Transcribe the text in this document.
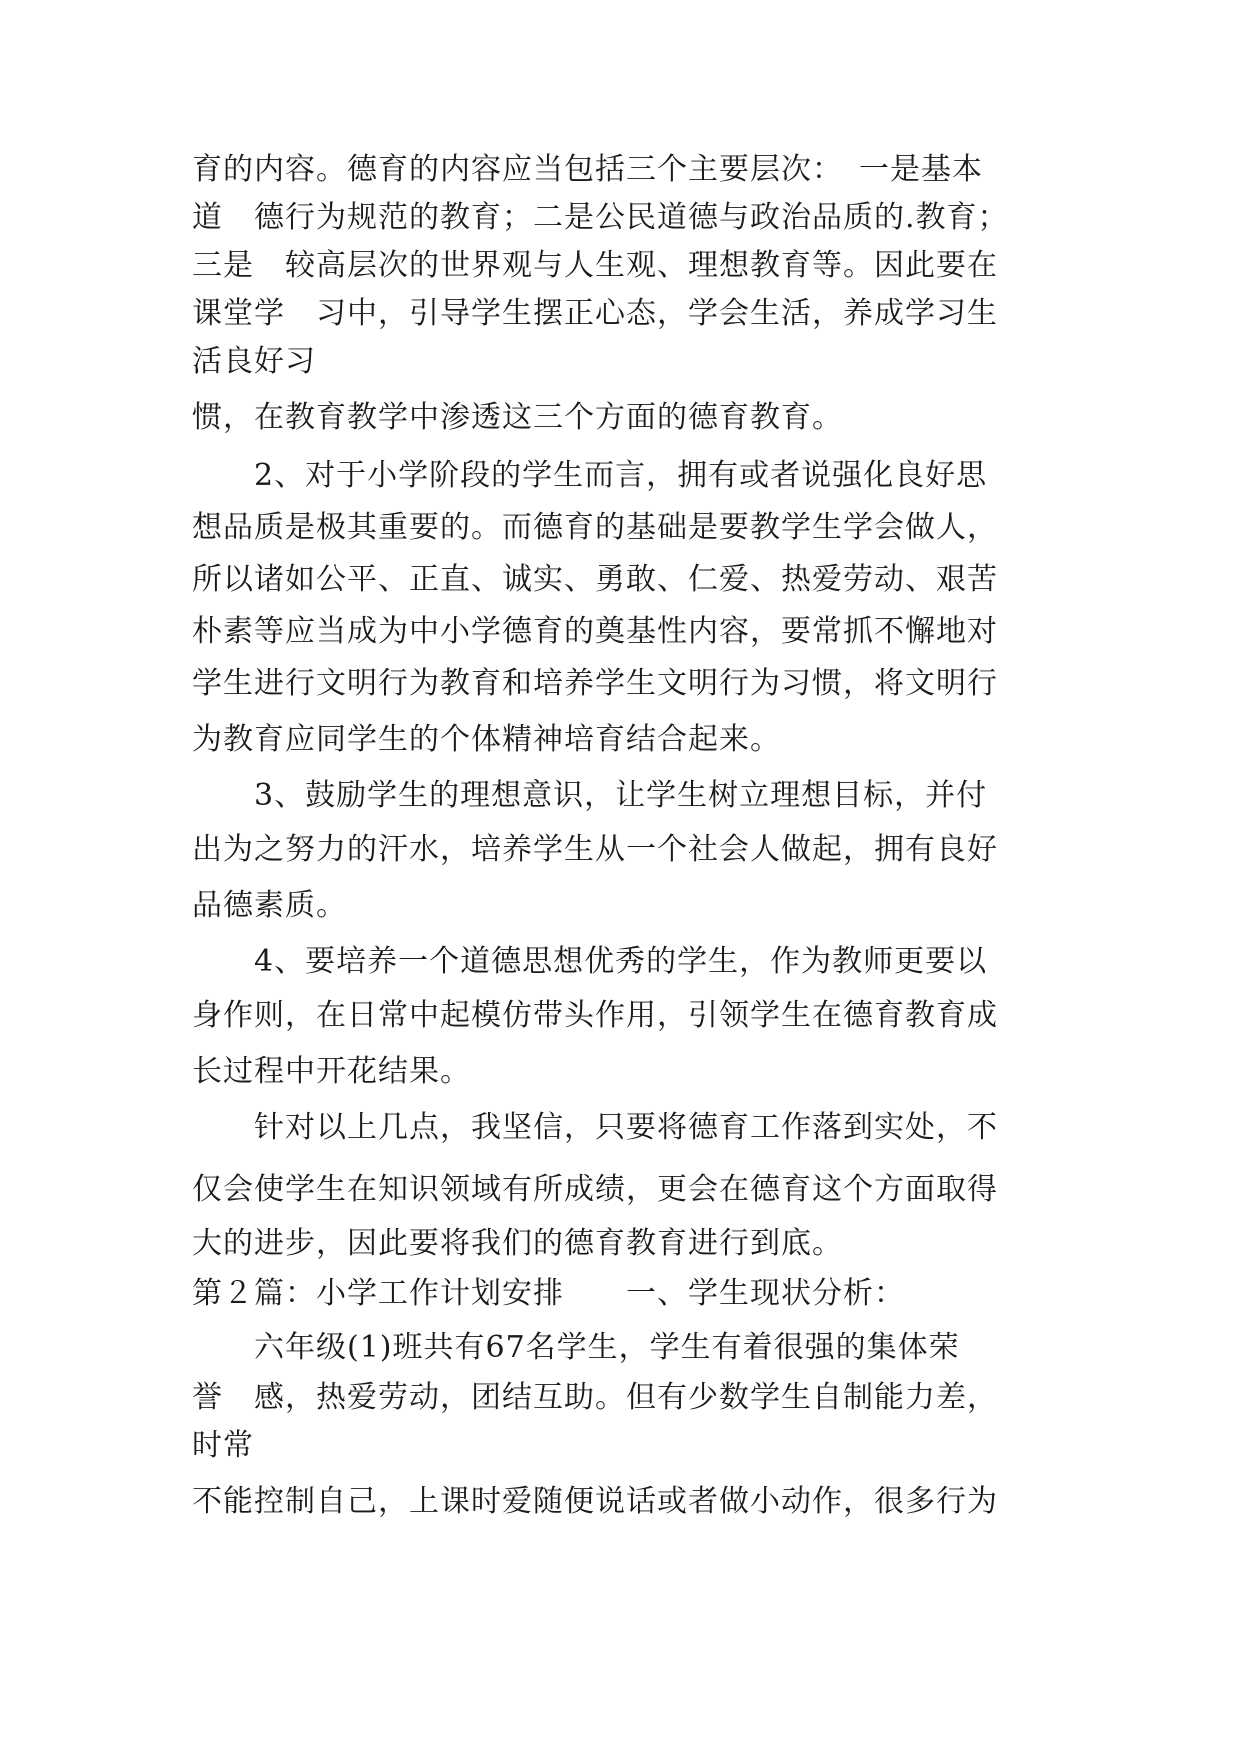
育的内容。德育的内容应当包括三个主要层次：　一是基本
道　德行为规范的教育；二是公民道德与政治品质的.教育；
三是　较高层次的世界观与人生观、理想教育等。因此要在
课堂学　习中，引导学生摆正心态，学会生活，养成学习生
活良好习
惯，在教育教学中渗透这三个方面的德育教育。
　　2、对于小学阶段的学生而言，拥有或者说强化良好思
想品质是极其重要的。而德育的基础是要教学生学会做人，
所以诸如公平、正直、诚实、勇敢、仁爱、热爱劳动、艰苦
朴素等应当成为中小学德育的奠基性内容，要常抓不懈地对
学生进行文明行为教育和培养学生文明行为习惯，将文明行
为教育应同学生的个体精神培育结合起来。
　　3、鼓励学生的理想意识，让学生树立理想目标，并付
出为之努力的汗水，培养学生从一个社会人做起，拥有良好
品德素质。
　　4、要培养一个道德思想优秀的学生，作为教师更要以
身作则，在日常中起模仿带头作用，引领学生在德育教育成
长过程中开花结果。
　　针对以上几点，我坚信，只要将德育工作落到实处，不
仅会使学生在知识领域有所成绩，更会在德育这个方面取得
大的进步，因此要将我们的德育教育进行到底。
第２篇：小学工作计划安排　　一、学生现状分析：
　　六年级(1)班共有67名学生，学生有着很强的集体荣
誉　感，热爱劳动，团结互助。但有少数学生自制能力差，
时常
不能控制自己，上课时爱随便说话或者做小动作，很多行为
